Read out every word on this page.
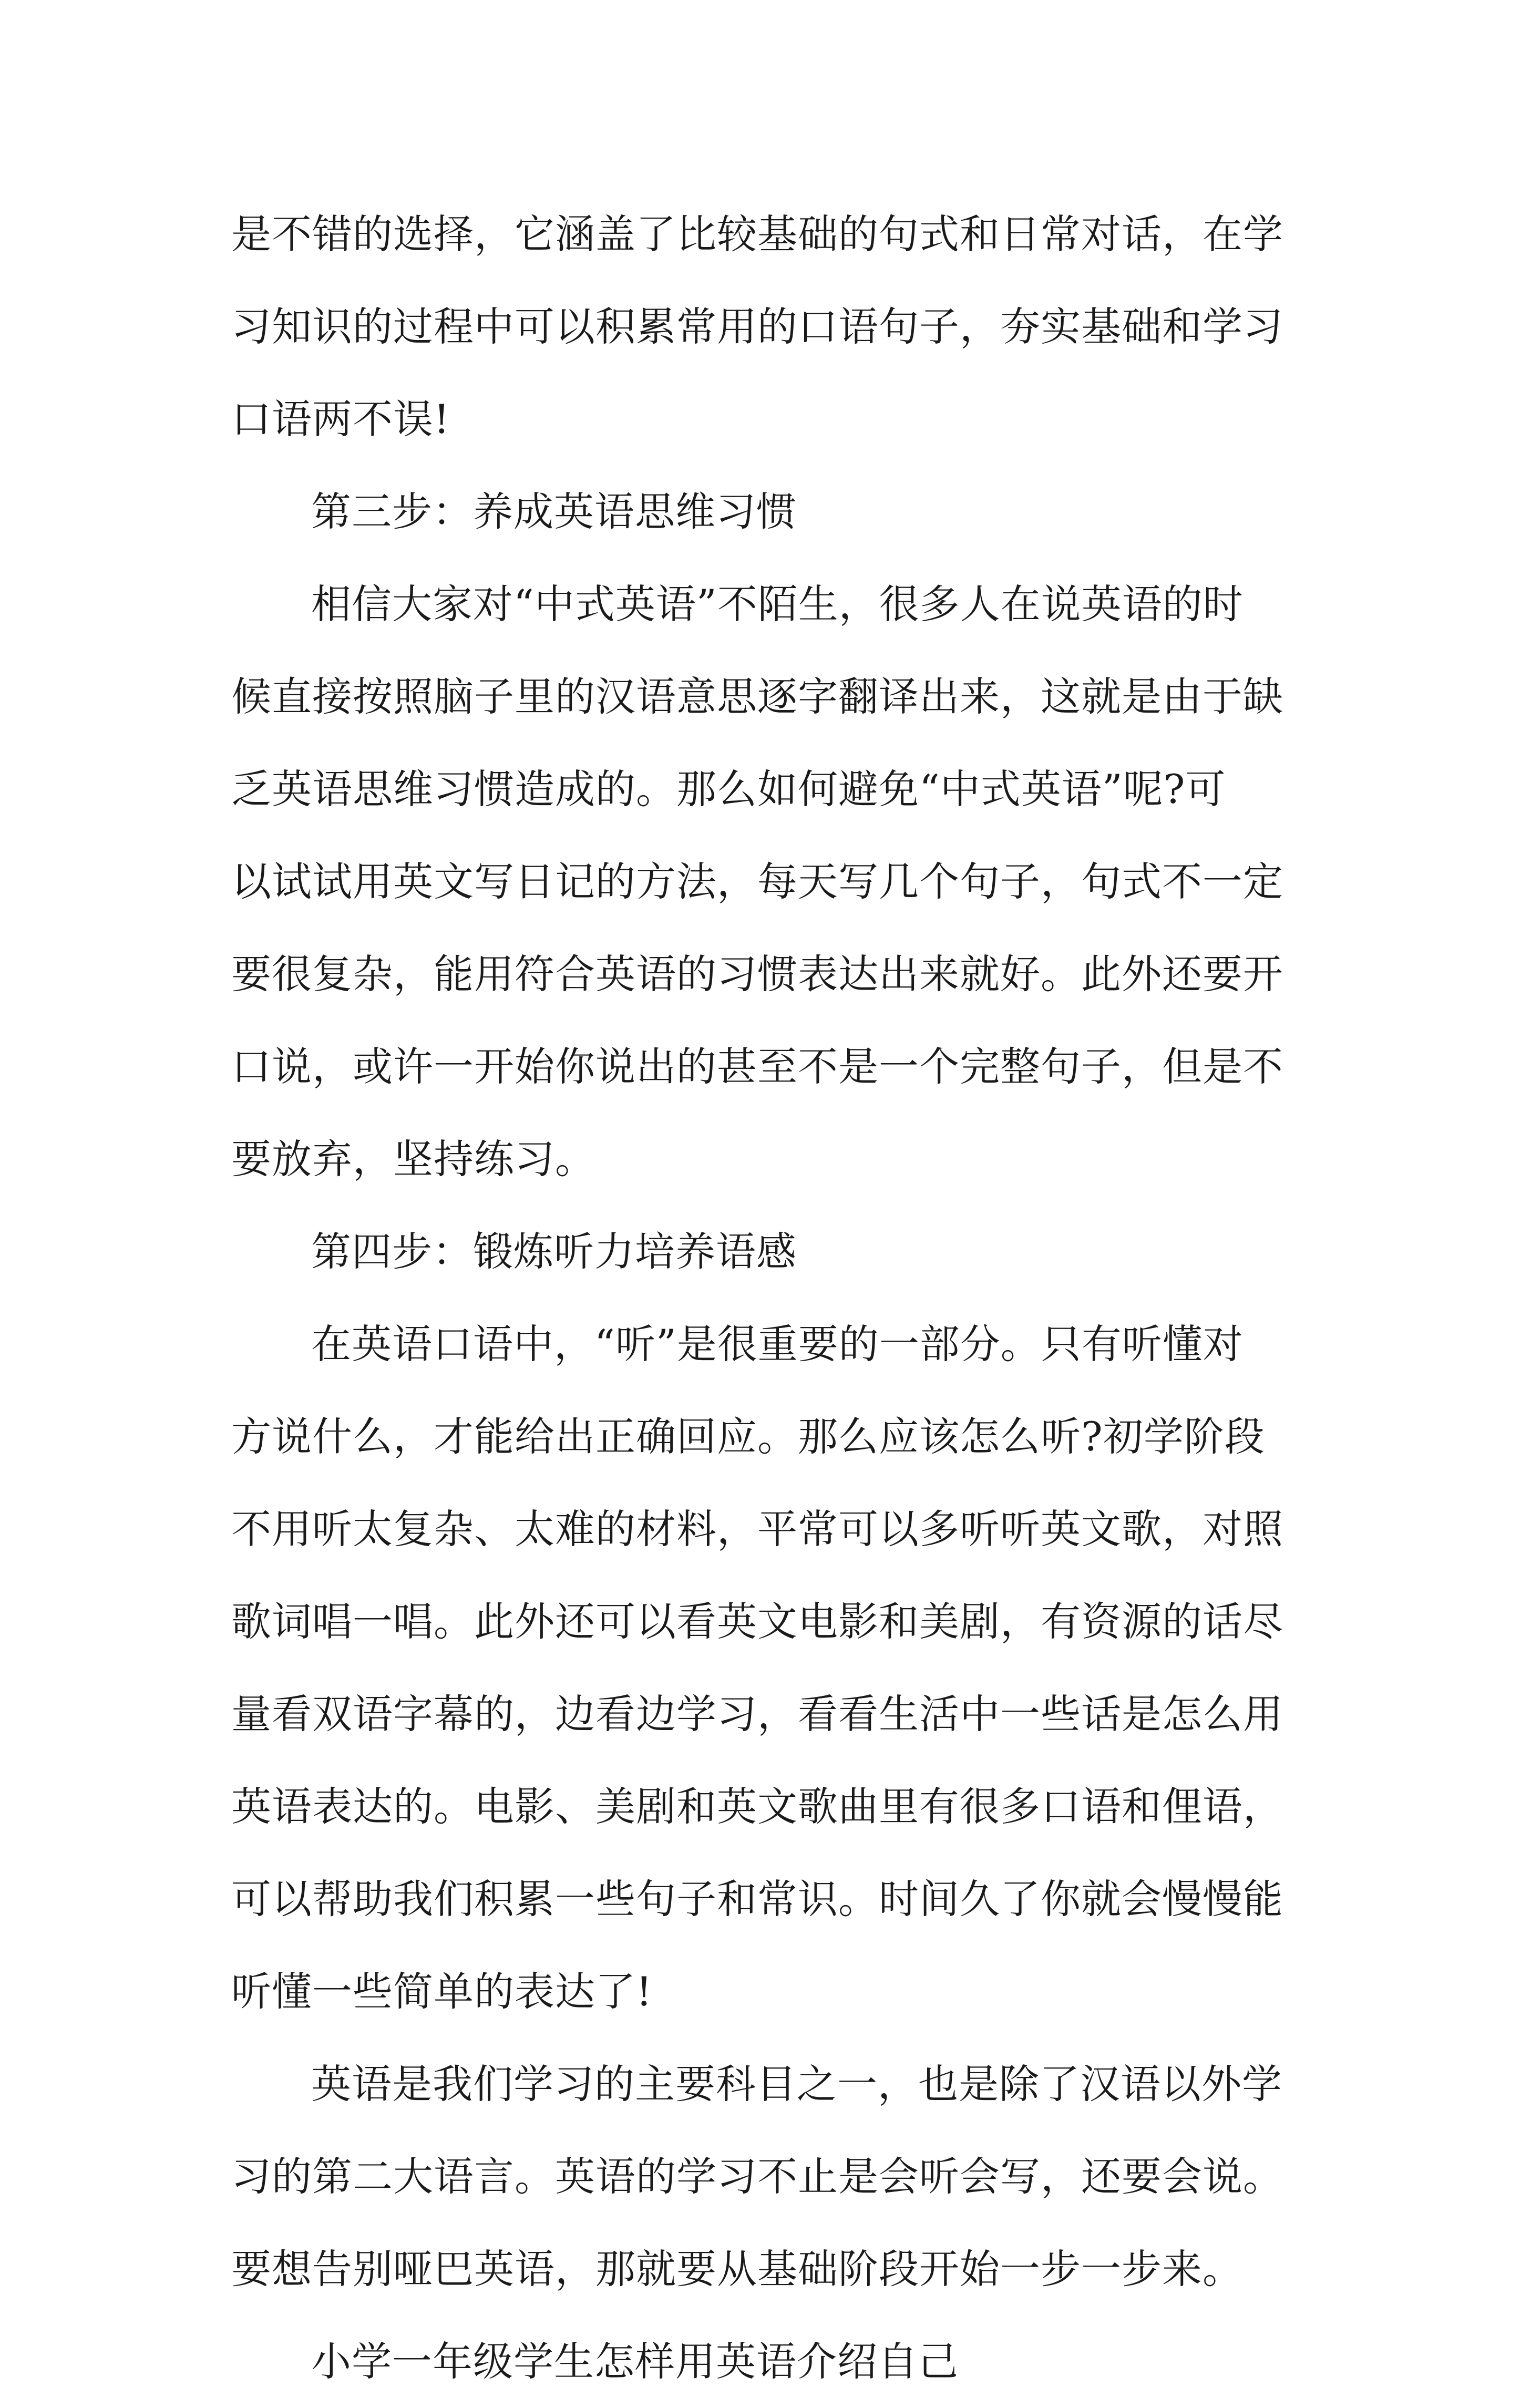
是不错的选择，它涵盖了比较基础的句式和日常对话，在学
习知识的过程中可以积累常用的口语句子，夯实基础和学习
口语两不误!
第三步：养成英语思维习惯
相信大家对“中式英语”不陌生，很多人在说英语的时
候直接按照脑子里的汉语意思逐字翻译出来，这就是由于缺
乏英语思维习惯造成的。那么如何避免“中式英语”呢?可
以试试用英文写日记的方法，每天写几个句子，句式不一定
要很复杂，能用符合英语的习惯表达出来就好。此外还要开
口说，或许一开始你说出的甚至不是一个完整句子，但是不
要放弃，坚持练习。
第四步：锻炼听力培养语感
在英语口语中，“听”是很重要的一部分。只有听懂对
方说什么，才能给出正确回应。那么应该怎么听?初学阶段
不用听太复杂、太难的材料，平常可以多听听英文歌，对照
歌词唱一唱。此外还可以看英文电影和美剧，有资源的话尽
量看双语字幕的，边看边学习，看看生活中一些话是怎么用
英语表达的。电影、美剧和英文歌曲里有很多口语和俚语，
可以帮助我们积累一些句子和常识。时间久了你就会慢慢能
听懂一些简单的表达了!
英语是我们学习的主要科目之一，也是除了汉语以外学
习的第二大语言。英语的学习不止是会听会写，还要会说。
要想告别哑巴英语，那就要从基础阶段开始一步一步来。
小学一年级学生怎样用英语介绍自己
